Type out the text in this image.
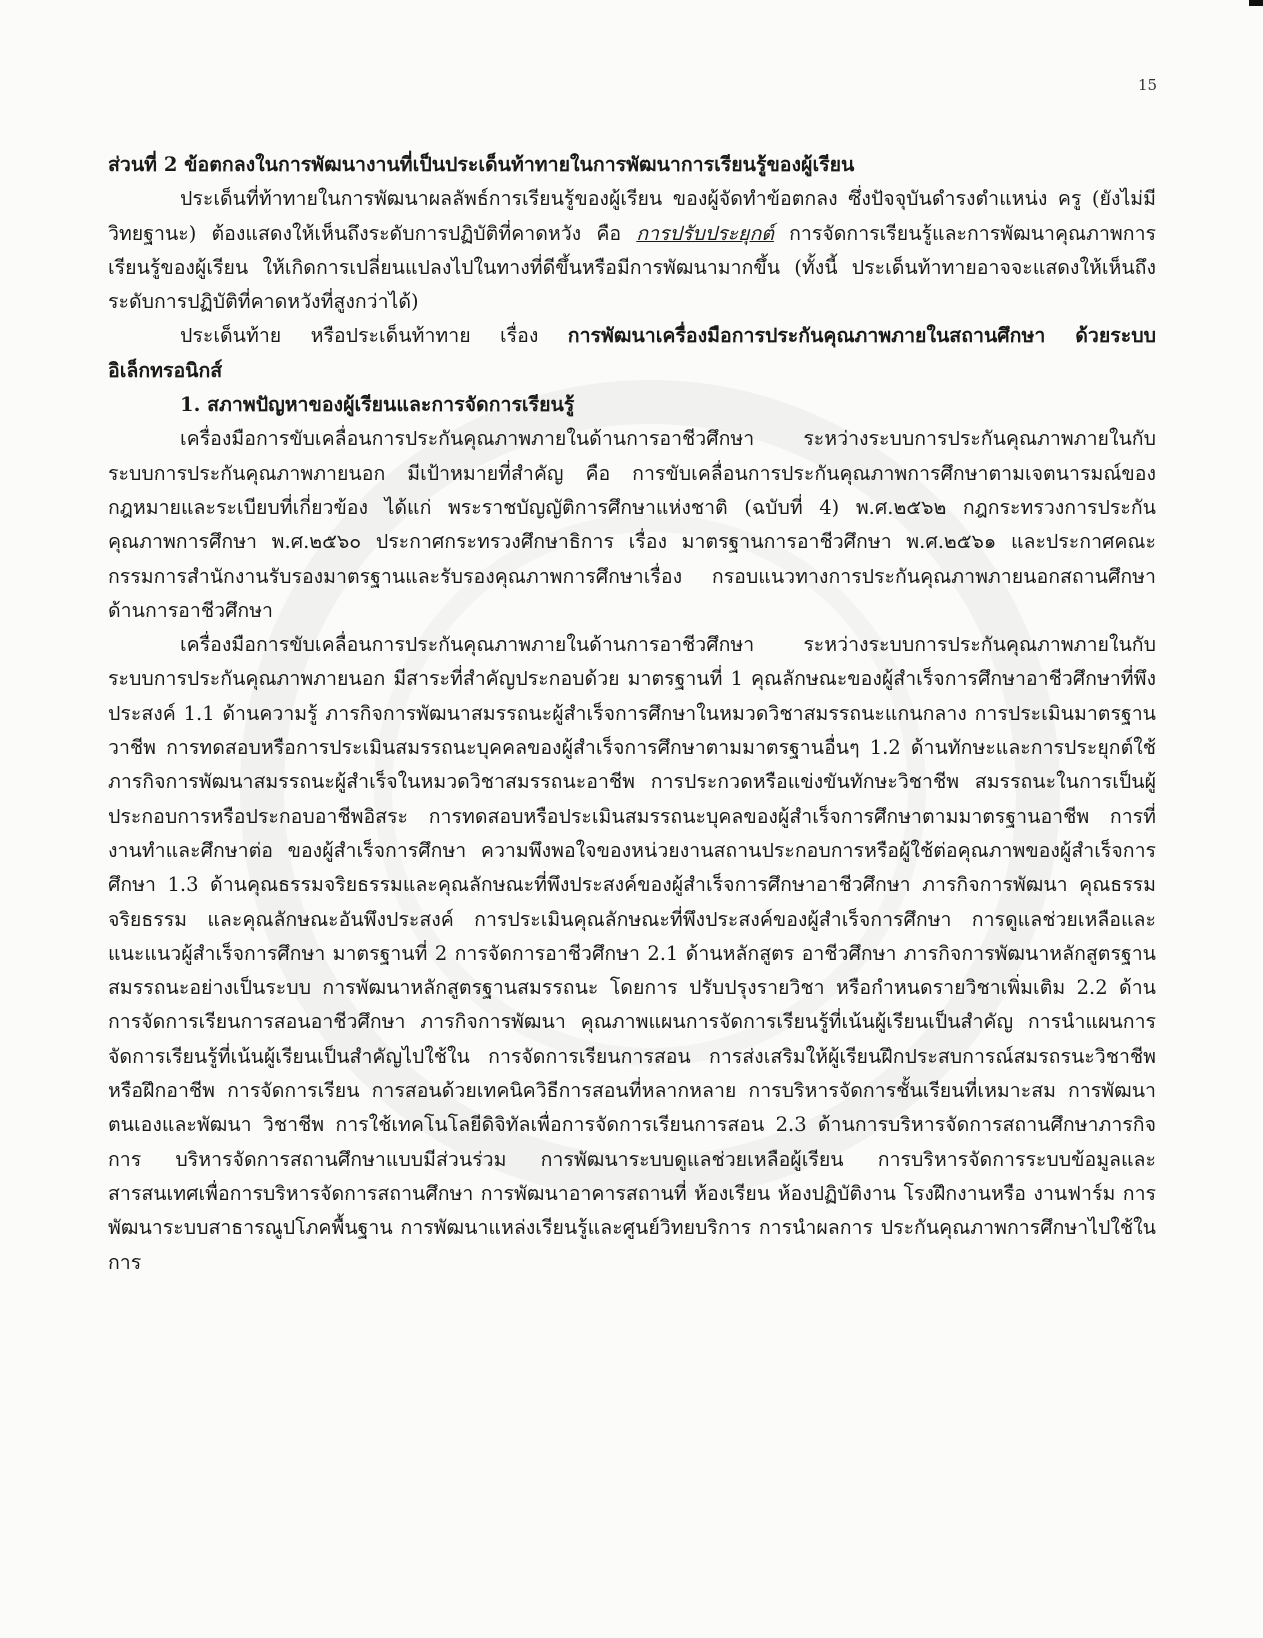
15

ส่วนที่ 2 ข้อตกลงในการพัฒนางานที่เป็นประเด็นท้าทายในการพัฒนาการเรียนรู้ของผู้เรียน

ประเด็นที่ท้าทายในการพัฒนาผลลัพธ์การเรียนรู้ของผู้เรียน ของผู้จัดทำข้อตกลง ซึ่งปัจจุบันดำรงตำแหน่ง ครู (ยังไม่มีวิทยฐานะ) ต้องแสดงให้เห็นถึงระดับการปฏิบัติที่คาดหวัง คือ การปรับประยุกต์ การจัดการเรียนรู้และการพัฒนาคุณภาพการเรียนรู้ของผู้เรียน ให้เกิดการเปลี่ยนแปลงไปในทางที่ดีขึ้นหรือมีการพัฒนามากขึ้น (ทั้งนี้ ประเด็นท้าทายอาจจะแสดงให้เห็นถึงระดับการปฏิบัติที่คาดหวังที่สูงกว่าได้)

ประเด็นท้าย หรือประเด็นท้าทาย เรื่อง การพัฒนาเครื่องมือการประกันคุณภาพภายในสถานศึกษา ด้วยระบบอิเล็กทรอนิกส์

1. สภาพปัญหาของผู้เรียนและการจัดการเรียนรู้

เครื่องมือการขับเคลื่อนการประกันคุณภาพภายในด้านการอาชีวศึกษา ระหว่างระบบการประกันคุณภาพภายในกับระบบการประกันคุณภาพภายนอก มีเป้าหมายที่สำคัญ คือ การขับเคลื่อนการประกันคุณภาพการศึกษาตามเจตนารมณ์ของกฎหมายและระเบียบที่เกี่ยวข้อง ได้แก่ พระราชบัญญัติการศึกษาแห่งชาติ (ฉบับที่ 4) พ.ศ.๒๕๖๒ กฎกระทรวงการประกันคุณภาพการศึกษา พ.ศ.๒๕๖๐ ประกาศกระทรวงศึกษาธิการ เรื่อง มาตรฐานการอาชีวศึกษา พ.ศ.๒๕๖๑ และประกาศคณะกรรมการสำนักงานรับรองมาตรฐานและรับรองคุณภาพการศึกษาเรื่อง กรอบแนวทางการประกันคุณภาพภายนอกสถานศึกษาด้านการอาชีวศึกษา

เครื่องมือการขับเคลื่อนการประกันคุณภาพภายในด้านการอาชีวศึกษา ระหว่างระบบการประกันคุณภาพภายในกับระบบการประกันคุณภาพภายนอก มีสาระที่สำคัญประกอบด้วย มาตรฐานที่ 1 คุณลักษณะของผู้สำเร็จการศึกษาอาชีวศึกษาที่พึงประสงค์ 1.1 ด้านความรู้ ภารกิจการพัฒนาสมรรถนะผู้สำเร็จการศึกษาในหมวดวิชาสมรรถนะแกนกลาง การประเมินมาตรฐานวาชีพ การทดสอบหรือการประเมินสมรรถนะบุคคลของผู้สำเร็จการศึกษาตามมาตรฐานอื่นๆ 1.2 ด้านทักษะและการประยุกต์ใช้ ภารกิจการพัฒนาสมรรถนะผู้สำเร็จในหมวดวิชาสมรรถนะอาชีพ การประกวดหรือแข่งขันทักษะวิชาชีพ สมรรถนะในการเป็นผู้ประกอบการหรือประกอบอาชีพอิสระ การทดสอบหรือประเมินสมรรถนะบุคลของผู้สำเร็จการศึกษาตามมาตรฐานอาชีพ การที่งานทำและศึกษาต่อ ของผู้สำเร็จการศึกษา ความพึงพอใจของหน่วยงานสถานประกอบการหรือผู้ใช้ต่อคุณภาพของผู้สำเร็จการศึกษา 1.3 ด้านคุณธรรมจริยธรรมและคุณลักษณะที่พึงประสงค์ของผู้สำเร็จการศึกษาอาชีวศึกษา ภารกิจการพัฒนา คุณธรรม จริยธรรม และคุณลักษณะอันพึงประสงค์ การประเมินคุณลักษณะที่พึงประสงค์ของผู้สำเร็จการศึกษา การดูแลช่วยเหลือและแนะแนวผู้สำเร็จการศึกษา มาตรฐานที่ 2 การจัดการอาชีวศึกษา 2.1 ด้านหลักสูตร อาชีวศึกษา ภารกิจการพัฒนาหลักสูตรฐานสมรรถนะอย่างเป็นระบบ การพัฒนาหลักสูตรฐานสมรรถนะ โดยการ ปรับปรุงรายวิชา หรือกำหนดรายวิชาเพิ่มเติม 2.2 ด้านการจัดการเรียนการสอนอาชีวศึกษา ภารกิจการพัฒนา คุณภาพแผนการจัดการเรียนรู้ที่เน้นผู้เรียนเป็นสำคัญ การนำแผนการจัดการเรียนรู้ที่เน้นผู้เรียนเป็นสำคัญไปใช้ใน การจัดการเรียนการสอน การส่งเสริมให้ผู้เรียนฝึกประสบการณ์สมรถรนะวิชาชีพหรือฝึกอาชีพ การจัดการเรียน การสอนด้วยเทคนิควิธีการสอนที่หลากหลาย การบริหารจัดการชั้นเรียนที่เหมาะสม การพัฒนาตนเองและพัฒนา วิชาชีพ การใช้เทคโนโลยีดิจิทัลเพื่อการจัดการเรียนการสอน 2.3 ด้านการบริหารจัดการสถานศึกษาภารกิจการ บริหารจัดการสถานศึกษาแบบมีส่วนร่วม การพัฒนาระบบดูแลช่วยเหลือผู้เรียน การบริหารจัดการระบบข้อมูลและ สารสนเทศเพื่อการบริหารจัดการสถานศึกษา การพัฒนาอาคารสถานที่ ห้องเรียน ห้องปฏิบัติงาน โรงฝึกงานหรือ งานฟาร์ม การพัฒนาระบบสาธารณูปโภคพื้นฐาน การพัฒนาแหล่งเรียนรู้และศูนย์วิทยบริการ การนำผลการ ประกันคุณภาพการศึกษาไปใช้ในการ
